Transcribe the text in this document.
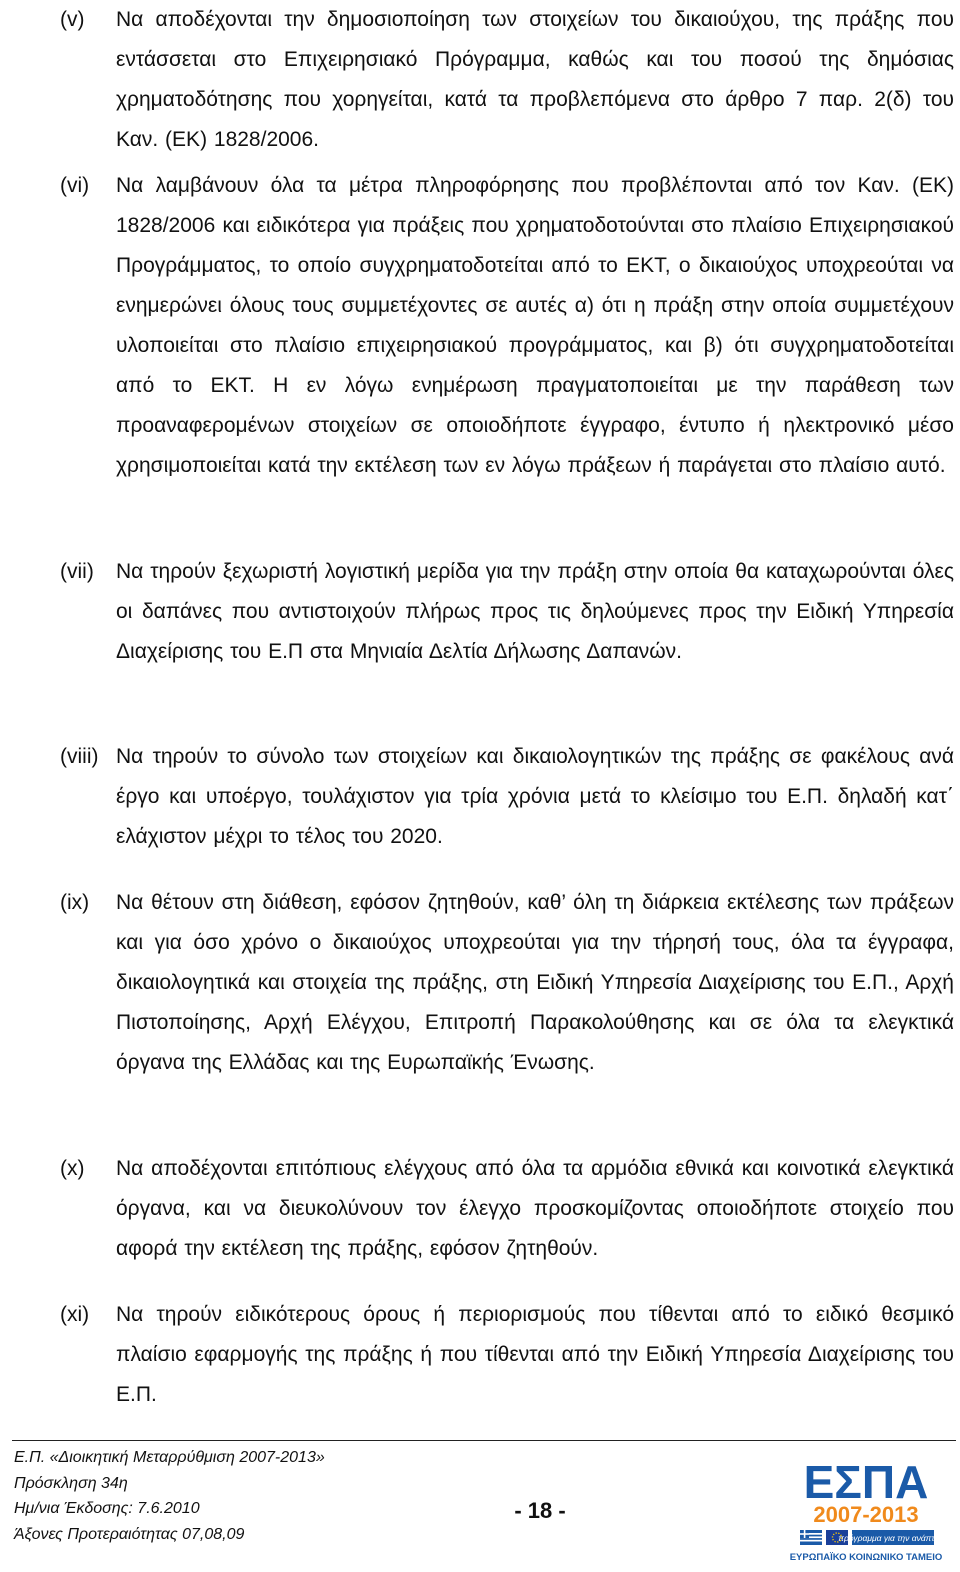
(v) Να αποδέχονται την δημοσιοποίηση των στοιχείων του δικαιούχου, της πράξης που εντάσσεται στο Επιχειρησιακό Πρόγραμμα, καθώς και του ποσού της δημόσιας χρηματοδότησης που χορηγείται, κατά τα προβλεπόμενα στο άρθρο 7 παρ. 2(δ) του Καν. (ΕΚ) 1828/2006.
(vi) Να λαμβάνουν όλα τα μέτρα πληροφόρησης που προβλέπονται από τον Καν. (ΕΚ) 1828/2006 και ειδικότερα για πράξεις που χρηματοδοτούνται στο πλαίσιο Επιχειρησιακού Προγράμματος, το οποίο συγχρηματοδοτείται από το ΕΚΤ, ο δικαιούχος υποχρεούται να ενημερώνει όλους τους συμμετέχοντες σε αυτές α) ότι η πράξη στην οποία συμμετέχουν υλοποιείται στο πλαίσιο επιχειρησιακού προγράμματος, και β) ότι συγχρηματοδοτείται από το ΕΚΤ. Η εν λόγω ενημέρωση πραγματοποιείται με την παράθεση των προαναφερομένων στοιχείων σε οποιοδήποτε έγγραφο, έντυπο ή ηλεκτρονικό μέσο χρησιμοποιείται κατά την εκτέλεση των εν λόγω πράξεων ή παράγεται στο πλαίσιο αυτό.
(vii) Να τηρούν ξεχωριστή λογιστική μερίδα για την πράξη στην οποία θα καταχωρούνται όλες οι δαπάνες που αντιστοιχούν πλήρως προς τις δηλούμενες προς την Ειδική Υπηρεσία Διαχείρισης του Ε.Π στα Μηνιαία Δελτία Δήλωσης Δαπανών.
(viii) Να τηρούν το σύνολο των στοιχείων και δικαιολογητικών της πράξης σε φακέλους ανά έργο και υποέργο, τουλάχιστον για τρία χρόνια μετά το κλείσιμο του Ε.Π. δηλαδή κατ΄ ελάχιστον μέχρι το τέλος του 2020.
(ix) Να θέτουν στη διάθεση, εφόσον ζητηθούν, καθ’ όλη τη διάρκεια εκτέλεσης των πράξεων και για όσο χρόνο ο δικαιούχος υποχρεούται για την τήρησή τους, όλα τα έγγραφα, δικαιολογητικά και στοιχεία της πράξης, στη Ειδική Υπηρεσία Διαχείρισης του Ε.Π., Αρχή Πιστοποίησης, Αρχή Ελέγχου, Επιτροπή Παρακολούθησης και σε όλα τα ελεγκτικά όργανα της Ελλάδας και της Ευρωπαϊκής Ένωσης.
(x) Να αποδέχονται επιτόπιους ελέγχους από όλα τα αρμόδια εθνικά και κοινοτικά ελεγκτικά όργανα, και να διευκολύνουν τον έλεγχο προσκομίζοντας οποιοδήποτε στοιχείο που αφορά την εκτέλεση της πράξης, εφόσον ζητηθούν.
(xi) Να τηρούν ειδικότερους όρους ή περιορισμούς που τίθενται από το ειδικό θεσμικό πλαίσιο εφαρμογής της πράξης ή που τίθενται από την Ειδική Υπηρεσία Διαχείρισης του Ε.Π.
Ε.Π. «Διοικητική Μεταρρύθμιση 2007-2013»
Πρόσκληση 34η
Ημ/νια Έκδοσης: 7.6.2010
Άξονες Προτεραιότητας 07,08,09
- 18 -
ΕΣΠΑ
2007-2013
πρόγραμμα για την ανάπτυξη
ΕΥΡΩΠΑΪΚΟ ΚΟΙΝΩΝΙΚΟ ΤΑΜΕΙΟ
